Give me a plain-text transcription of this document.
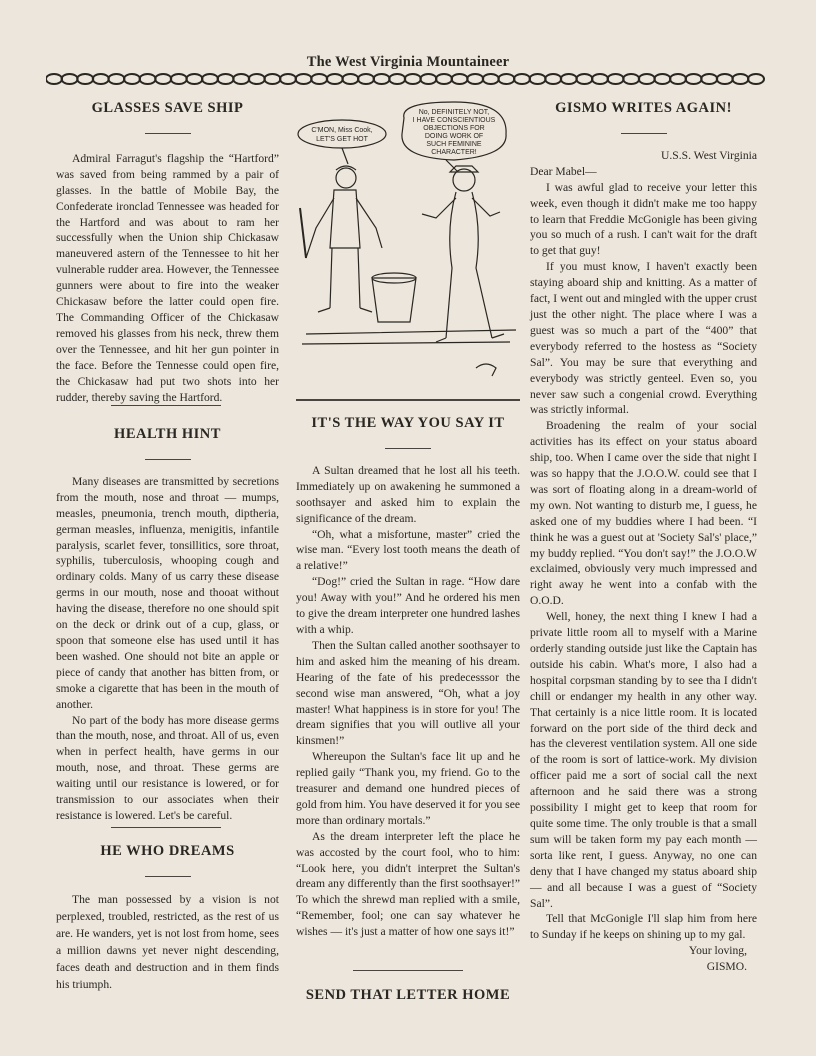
The West Virginia Mountaineer
GLASSES SAVE SHIP

Admiral Farragut's flagship the “Hartford” was saved from being rammed by a pair of glasses. In the battle of Mobile Bay, the Confederate ironclad Tennessee was headed for the Hartford and was about to ram her successfully when the Union ship Chickasaw maneuvered astern of the Tennessee to hit her vulnerable rudder area. However, the Tennessee gunners were about to fire into the weaker Chickasaw before the latter could open fire. The Commanding Officer of the Chickasaw removed his glasses from his neck, threw them over the Tennessee, and hit her gun pointer in the face. Before the Tennesse could open fire, the Chickasaw had put two shots into her rudder, thereby saving the Hartford.

HEALTH HINT

Many diseases are transmitted by secretions from the mouth, nose and throat — mumps, measles, pneumonia, trench mouth, diptheria, german measles, influenza, menigitis, infantile paralysis, scarlet fever, tonsillitics, sore throat, syphilis, tuberculosis, whooping cough and ordinary colds. Many of us carry these disease germs in our mouth, nose and thooat without having the disease, therefore no one should spit on the deck or drink out of a cup, glass, or spoon that someone else has used until it has been washed. One should not bite an apple or piece of candy that another has bitten from, or smoke a cigarette that has been in the mouth of another.

No part of the body has more disease germs than the mouth, nose, and throat. All of us, even when in perfect health, have germs in our mouth, nose, and throat. These germs are waiting until our resistance is lowered, or for transmission to our associates when their resistance is lowered. Let's be careful.

HE WHO DREAMS

The man possessed by a vision is not perplexed, troubled, restricted, as the rest of us are. He wanders, yet is not lost from home, sees a million dawns yet never night descending, faces death and destruction and in them finds his triumph.

C'MON, Miss Cook,
LET'S GET HOT
No, DEFINITELY NOT,
I HAVE CONSCIENTIOUS
OBJECTIONS FOR
DOING WORK OF
SUCH FEMININE
CHARACTER!
IT'S THE WAY YOU SAY IT

A Sultan dreamed that he lost all his teeth. Immediately up on awakening he summoned a soothsayer and asked him to explain the significance of the dream.

“Oh, what a misfortune, master” cried the wise man. “Every lost tooth means the death of a relative!”

“Dog!” cried the Sultan in rage. “How dare you! Away with you!” And he ordered his men to give the dream interpreter one hundred lashes with a whip.

Then the Sultan called another soothsayer to him and asked him the meaning of his dream. Hearing of the fate of his predecesssor the second wise man answered, “Oh, what a joy master! What happiness is in store for you! The dream signifies that you will outlive all your kinsmen!”

Whereupon the Sultan's face lit up and he replied gaily “Thank you, my friend. Go to the treasurer and demand one hundred pieces of gold from him. You have deserved it for you see more than ordinary mortals.”

As the dream interpreter left the place he was accosted by the court fool, who to him: “Look here, you didn't interpret the Sultan's dream any differently than the first soothsayer!” To which the shrewd man replied with a smile, “Remember, fool; one can say whatever he wishes — it's just a matter of how one says it!”

SEND THAT LETTER HOME
GISMO WRITES AGAIN!
U.S.S. West Virginia
Dear Mabel—

I was awful glad to receive your letter this week, even though it didn't make me too happy to learn that Freddie McGonigle has been giving you so much of a rush. I can't wait for the draft to get that guy!

If you must know, I haven't exactly been staying aboard ship and knitting. As a matter of fact, I went out and mingled with the upper crust just the other night. The place where I was a guest was so much a part of the “400” that everybody referred to the hostess as “Society Sal”. You may be sure that everything and everybody was strictly genteel. Even so, you never saw such a congenial crowd. Everything was strictly informal.

Broadening the realm of your social activities has its effect on your status aboard ship, too. When I came over the side that night I was so happy that the J.O.O.W. could see that I was sort of floating along in a dream-world of my own. Not wanting to disturb me, I guess, he asked one of my buddies where I had been. “I think he was a guest out at 'Society Sal's' place,” my buddy replied. “You don't say!” the J.O.O.W exclaimed, obviously very much impressed and right away he went into a confab with the O.O.D.

Well, honey, the next thing I knew I had a private little room all to myself with a Marine orderly standing outside just like the Captain has outside his cabin. What's more, I also had a hospital corpsman standing by to see tha I didn't chill or endanger my health in any other way. That certainly is a nice little room. It is located forward on the port side of the third deck and has the cleverest ventilation system. All one side of the room is sort of lattice-work. My division officer paid me a sort of social call the next afternoon and he said there was a strong possibility I might get to keep that room for quite some time. The only trouble is that a small sum will be taken form my pay each month — sorta like rent, I guess. Anyway, no one can deny that I have changed my status aboard ship — and all because I was a guest of “Society Sal”.

Tell that McGonigle I'll slap him from here to Sunday if he keeps on shining up to my gal.

Your loving,
GISMO.
